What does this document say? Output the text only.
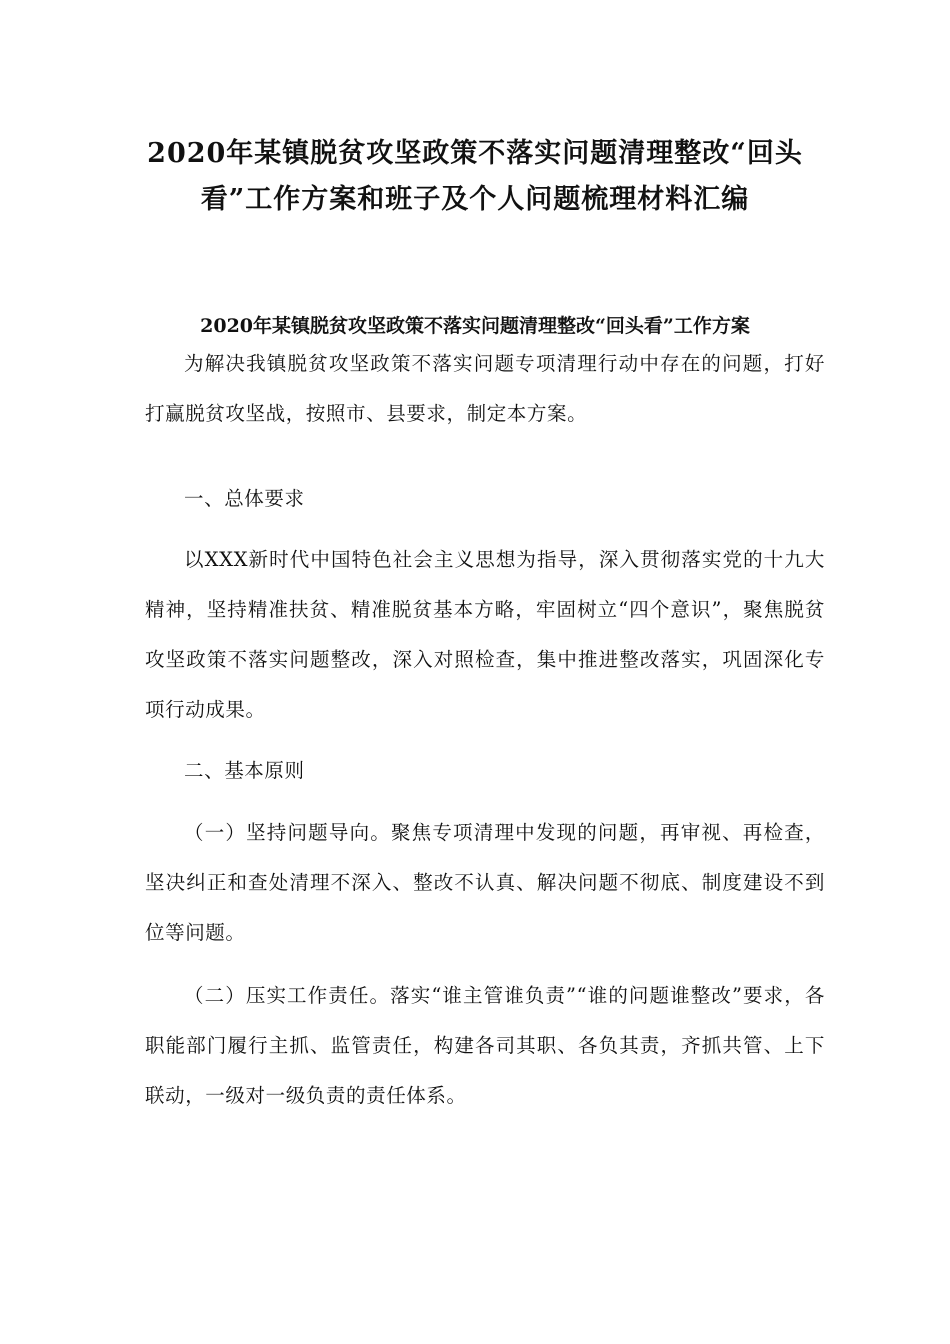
2020年某镇脱贫攻坚政策不落实问题清理整改“回头看”工作方案和班子及个人问题梳理材料汇编
2020年某镇脱贫攻坚政策不落实问题清理整改“回头看”工作方案
为解决我镇脱贫攻坚政策不落实问题专项清理行动中存在的问题，打好打赢脱贫攻坚战，按照市、县要求，制定本方案。
一、总体要求
以XXX新时代中国特色社会主义思想为指导，深入贯彻落实党的十九大精神，坚持精准扶贫、精准脱贫基本方略，牢固树立“四个意识”，聚焦脱贫攻坚政策不落实问题整改，深入对照检查，集中推进整改落实，巩固深化专项行动成果。
二、基本原则
（一）坚持问题导向。聚焦专项清理中发现的问题，再审视、再检查，坚决纠正和查处清理不深入、整改不认真、解决问题不彻底、制度建设不到位等问题。
（二）压实工作责任。落实“谁主管谁负责”“谁的问题谁整改”要求，各职能部门履行主抓、监管责任，构建各司其职、各负其责，齐抓共管、上下联动，一级对一级负责的责任体系。
